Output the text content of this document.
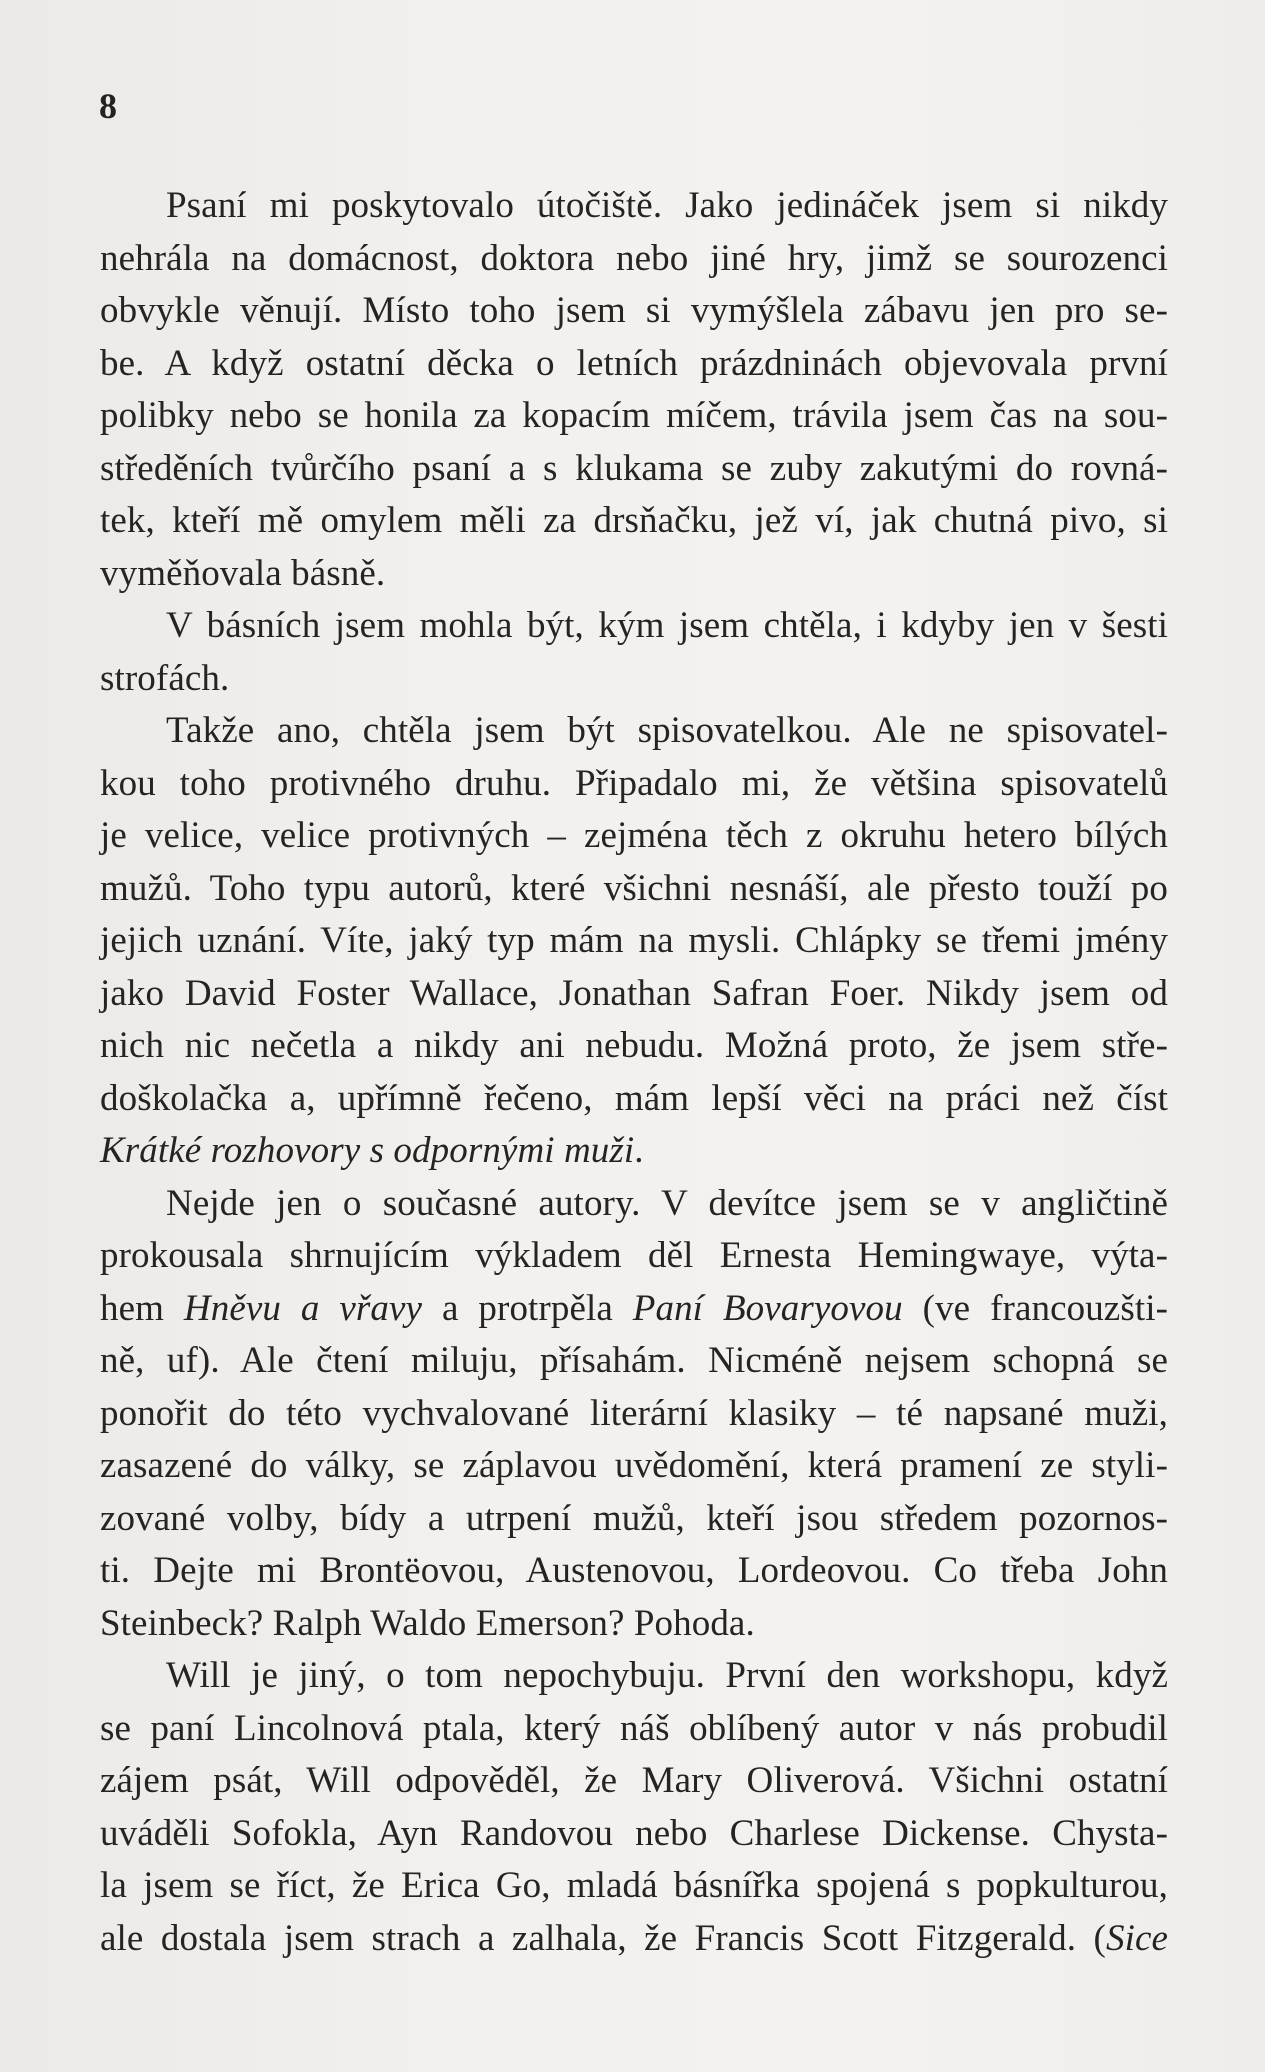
8
Psaní mi poskytovalo útočiště. Jako jedináček jsem si nikdy
nehrála na domácnost, doktora nebo jiné hry, jimž se sourozenci
obvykle věnují. Místo toho jsem si vymýšlela zábavu jen pro se-
be. A když ostatní děcka o letních prázdninách objevovala první
polibky nebo se honila za kopacím míčem, trávila jsem čas na sou-
středěních tvůrčího psaní a s klukama se zuby zakutými do rovná-
tek, kteří mě omylem měli za drsňačku, jež ví, jak chutná pivo, si
vyměňovala básně.
V básních jsem mohla být, kým jsem chtěla, i kdyby jen v šesti
strofách.
Takže ano, chtěla jsem být spisovatelkou. Ale ne spisovatel-
kou toho protivného druhu. Připadalo mi, že většina spisovatelů
je velice, velice protivných – zejména těch z okruhu hetero bílých
mužů. Toho typu autorů, které všichni nesnáší, ale přesto touží po
jejich uznání. Víte, jaký typ mám na mysli. Chlápky se třemi jmény
jako David Foster Wallace, Jonathan Safran Foer. Nikdy jsem od
nich nic nečetla a nikdy ani nebudu. Možná proto, že jsem stře-
doškolačka a, upřímně řečeno, mám lepší věci na práci než číst
Krátké rozhovory s odpornými muži.
Nejde jen o současné autory. V devítce jsem se v angličtině
prokousala shrnujícím výkladem děl Ernesta Hemingwaye, výta-
hem Hněvu a vřavy a protrpěla Paní Bovaryovou (ve francouzšti-
ně, uf). Ale čtení miluju, přísahám. Nicméně nejsem schopná se
ponořit do této vychvalované literární klasiky – té napsané muži,
zasazené do války, se záplavou uvědomění, která pramení ze styli-
zované volby, bídy a utrpení mužů, kteří jsou středem pozornos-
ti. Dejte mi Brontëovou, Austenovou, Lordeovou. Co třeba John
Steinbeck? Ralph Waldo Emerson? Pohoda.
Will je jiný, o tom nepochybuju. První den workshopu, když
se paní Lincolnová ptala, který náš oblíbený autor v nás probudil
zájem psát, Will odpověděl, že Mary Oliverová. Všichni ostatní
uváděli Sofokla, Ayn Randovou nebo Charlese Dickense. Chysta-
la jsem se říct, že Erica Go, mladá básnířka spojená s popkulturou,
ale dostala jsem strach a zalhala, že Francis Scott Fitzgerald. (Sice
